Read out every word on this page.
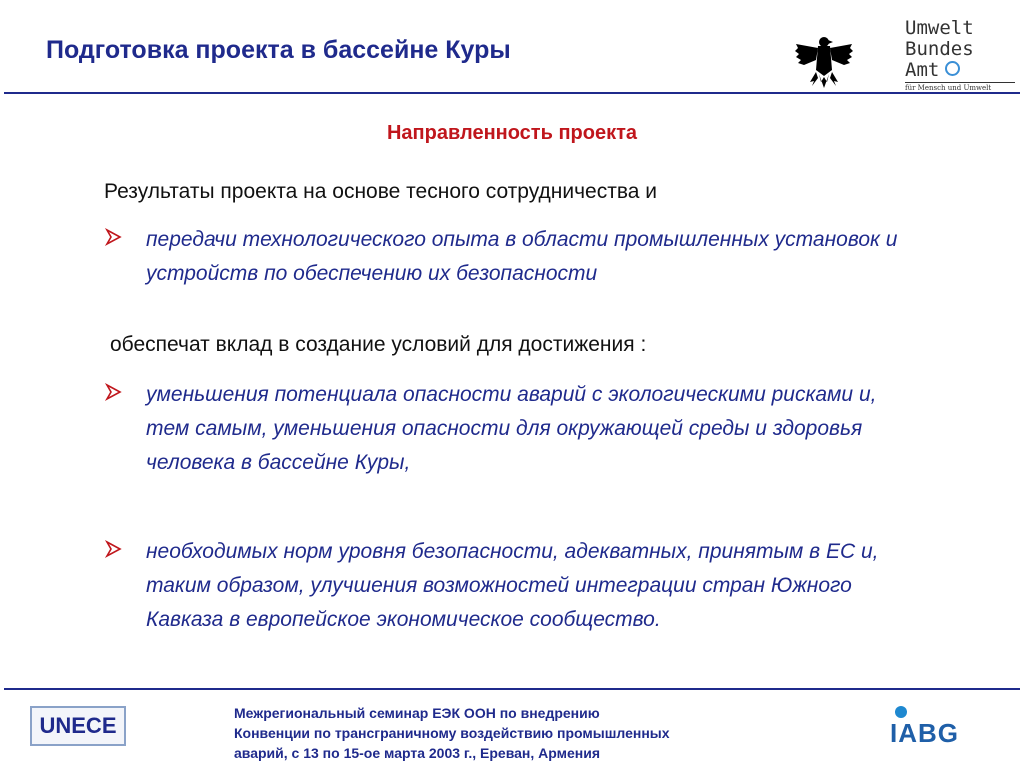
Подготовка проекта в бассейне Куры
Umwelt
Bundes
Amt
für Mensch und Umwelt
Направленность проекта
Результаты проекта на основе тесного сотрудничества и
передачи технологического опыта в области промышленных установок и устройств по обеспечению их безопасности
обеспечат вклад в создание условий для достижения :
уменьшения потенциала опасности аварий с экологическими рисками и, тем самым, уменьшения опасности для окружающей среды и здоровья человека в бассейне Куры,
необходимых норм уровня безопасности, адекватных, принятым в ЕС и, таким образом, улучшения возможностей интеграции стран Южного Кавказа в европейское экономическое сообщество.
UNECE	Межрегиональный семинар ЕЭК ООН по внедрению
Конвенции по трансграничному воздействию промышленных
аварий, с 13 по 15-ое марта 2003 г., Ереван, Армения
IABG
